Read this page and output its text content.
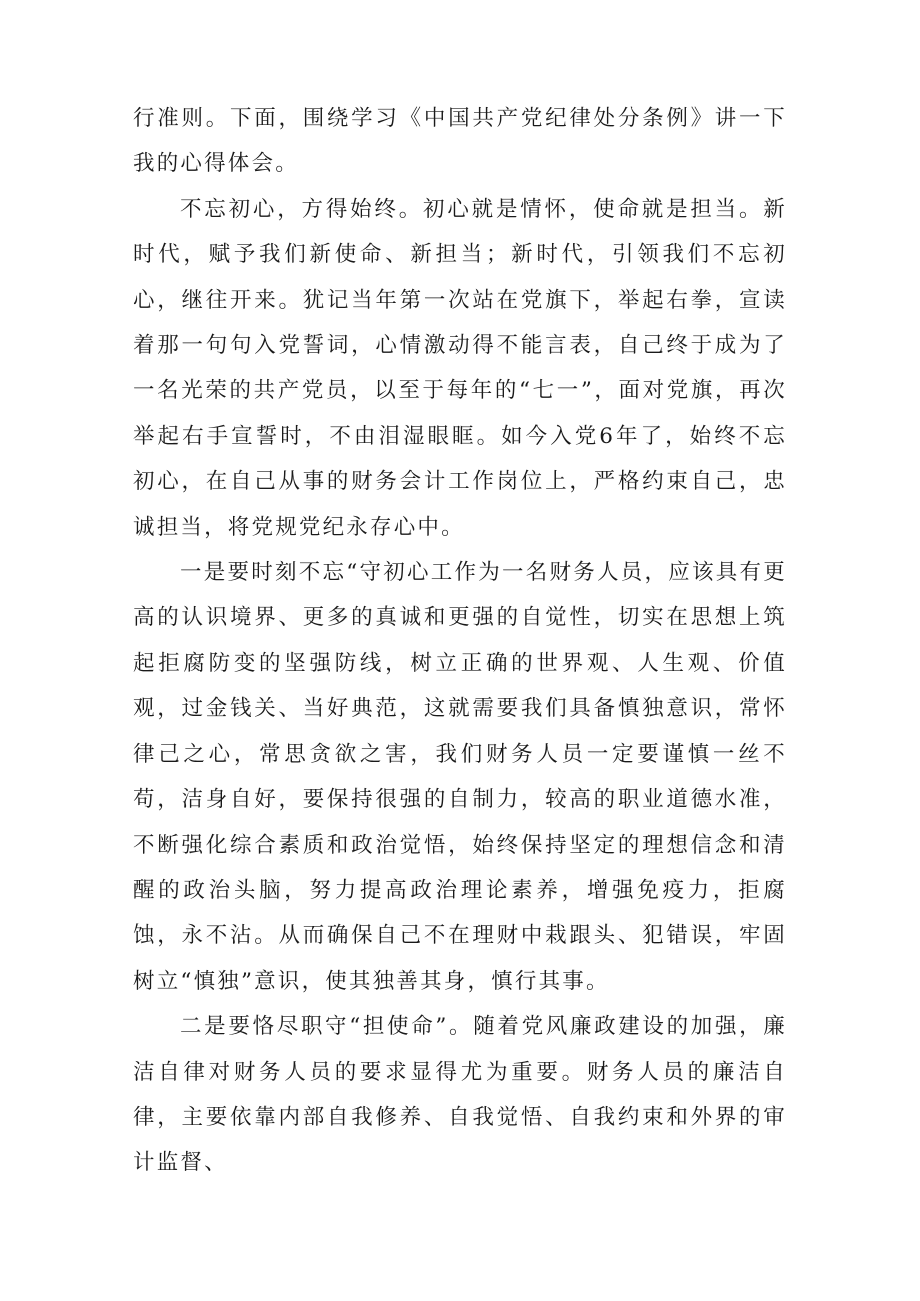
行准则。下面，围绕学习《中国共产党纪律处分条例》讲一下我的心得体会。

不忘初心，方得始终。初心就是情怀，使命就是担当。新时代，赋予我们新使命、新担当；新时代，引领我们不忘初心，继往开来。犹记当年第一次站在党旗下，举起右拳，宣读着那一句句入党誓词，心情激动得不能言表，自己终于成为了一名光荣的共产党员，以至于每年的“七一”，面对党旗，再次举起右手宣誓时，不由泪湿眼眶。如今入党6年了，始终不忘初心，在自己从事的财务会计工作岗位上，严格约束自己，忠诚担当，将党规党纪永存心中。

一是要时刻不忘“守初心工作为一名财务人员，应该具有更高的认识境界、更多的真诚和更强的自觉性，切实在思想上筑起拒腐防变的坚强防线，树立正确的世界观、人生观、价值观，过金钱关、当好典范，这就需要我们具备慎独意识，常怀律己之心，常思贪欲之害，我们财务人员一定要谨慎一丝不苟，洁身自好，要保持很强的自制力，较高的职业道德水准，不断强化综合素质和政治觉悟，始终保持坚定的理想信念和清醒的政治头脑，努力提高政治理论素养，增强免疫力，拒腐蚀，永不沾。从而确保自己不在理财中栽跟头、犯错误，牢固树立“慎独”意识，使其独善其身，慎行其事。

二是要恪尽职守“担使命”。随着党风廉政建设的加强，廉洁自律对财务人员的要求显得尤为重要。财务人员的廉洁自律，主要依靠内部自我修养、自我觉悟、自我约束和外界的审计监督、
